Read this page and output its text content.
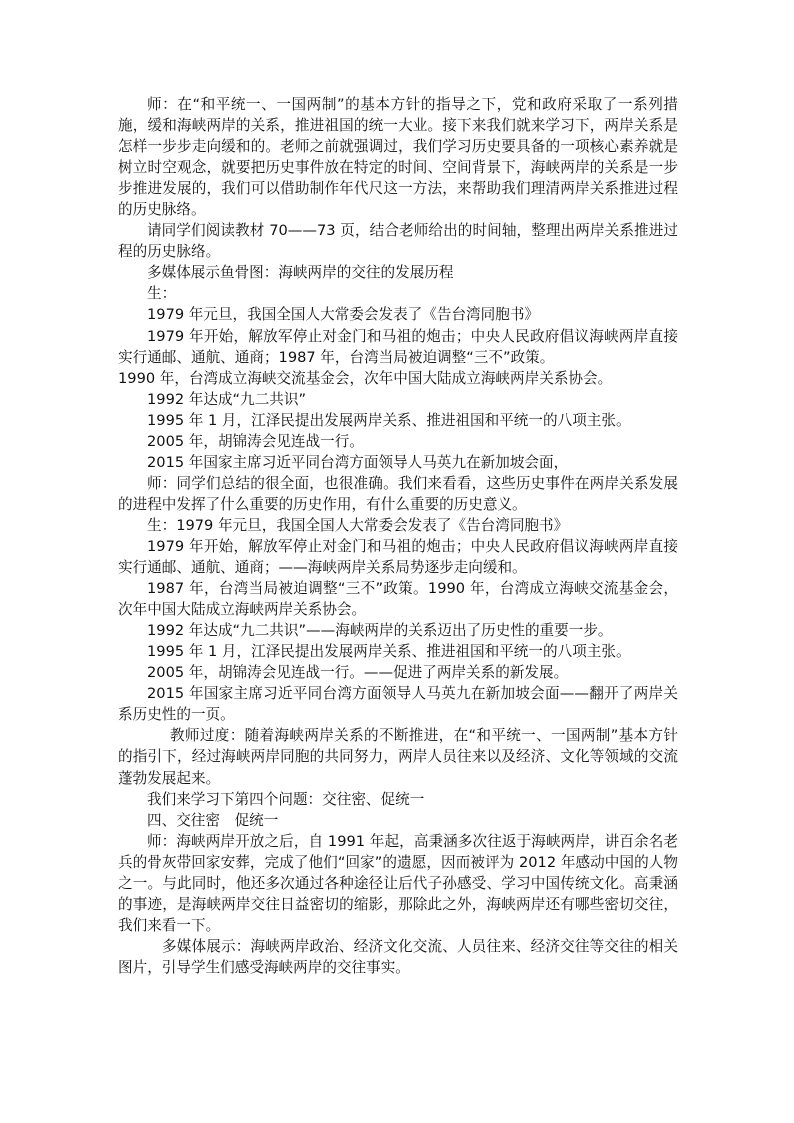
师：在“和平统一、一国两制”的基本方针的指导之下，党和政府采取了一系列措施，缓和海峡两岸的关系，推进祖国的统一大业。接下来我们就来学习下，两岸关系是怎样一步步走向缓和的。老师之前就强调过，我们学习历史要具备的一项核心素养就是树立时空观念，就要把历史事件放在特定的时间、空间背景下，海峡两岸的关系是一步步推进发展的，我们可以借助制作年代尺这一方法，来帮助我们理清两岸关系推进过程的历史脉络。

请同学们阅读教材 70——73 页，结合老师给出的时间轴，整理出两岸关系推进过程的历史脉络。

多媒体展示鱼骨图：海峡两岸的交往的发展历程

生：

1979 年元旦，我国全国人大常委会发表了《告台湾同胞书》

1979 年开始，解放军停止对金门和马祖的炮击；中央人民政府倡议海峡两岸直接实行通邮、通航、通商；1987 年，台湾当局被迫调整“三不”政策。

1990 年，台湾成立海峡交流基金会，次年中国大陆成立海峡两岸关系协会。

1992 年达成“九二共识”

1995 年 1 月，江泽民提出发展两岸关系、推进祖国和平统一的八项主张。

2005 年，胡锦涛会见连战一行。

2015 年国家主席习近平同台湾方面领导人马英九在新加坡会面，

师：同学们总结的很全面，也很准确。我们来看看，这些历史事件在两岸关系发展的进程中发挥了什么重要的历史作用，有什么重要的历史意义。

生：1979 年元旦，我国全国人大常委会发表了《告台湾同胞书》

1979 年开始，解放军停止对金门和马祖的炮击；中央人民政府倡议海峡两岸直接实行通邮、通航、通商；——海峡两岸关系局势逐步走向缓和。

1987 年，台湾当局被迫调整“三不”政策。1990 年，台湾成立海峡交流基金会，次年中国大陆成立海峡两岸关系协会。

1992 年达成“九二共识”——海峡两岸的关系迈出了历史性的重要一步。

1995 年 1 月，江泽民提出发展两岸关系、推进祖国和平统一的八项主张。

2005 年，胡锦涛会见连战一行。——促进了两岸关系的新发展。

2015 年国家主席习近平同台湾方面领导人马英九在新加坡会面——翻开了两岸关系历史性的一页。

教师过度：随着海峡两岸关系的不断推进，在“和平统一、一国两制”基本方针的指引下，经过海峡两岸同胞的共同努力，两岸人员往来以及经济、文化等领域的交流蓬勃发展起来。

我们来学习下第四个问题：交往密、促统一

四、交往密　促统一

师：海峡两岸开放之后，自 1991 年起，高秉涵多次往返于海峡两岸，讲百余名老兵的骨灰带回家安葬，完成了他们“回家”的遗愿，因而被评为 2012 年感动中国的人物之一。与此同时，他还多次通过各种途径让后代子孙感受、学习中国传统文化。高秉涵的事迹，是海峡两岸交往日益密切的缩影，那除此之外，海峡两岸还有哪些密切交往，我们来看一下。

多媒体展示：海峡两岸政治、经济文化交流、人员往来、经济交往等交往的相关图片，引导学生们感受海峡两岸的交往事实。
